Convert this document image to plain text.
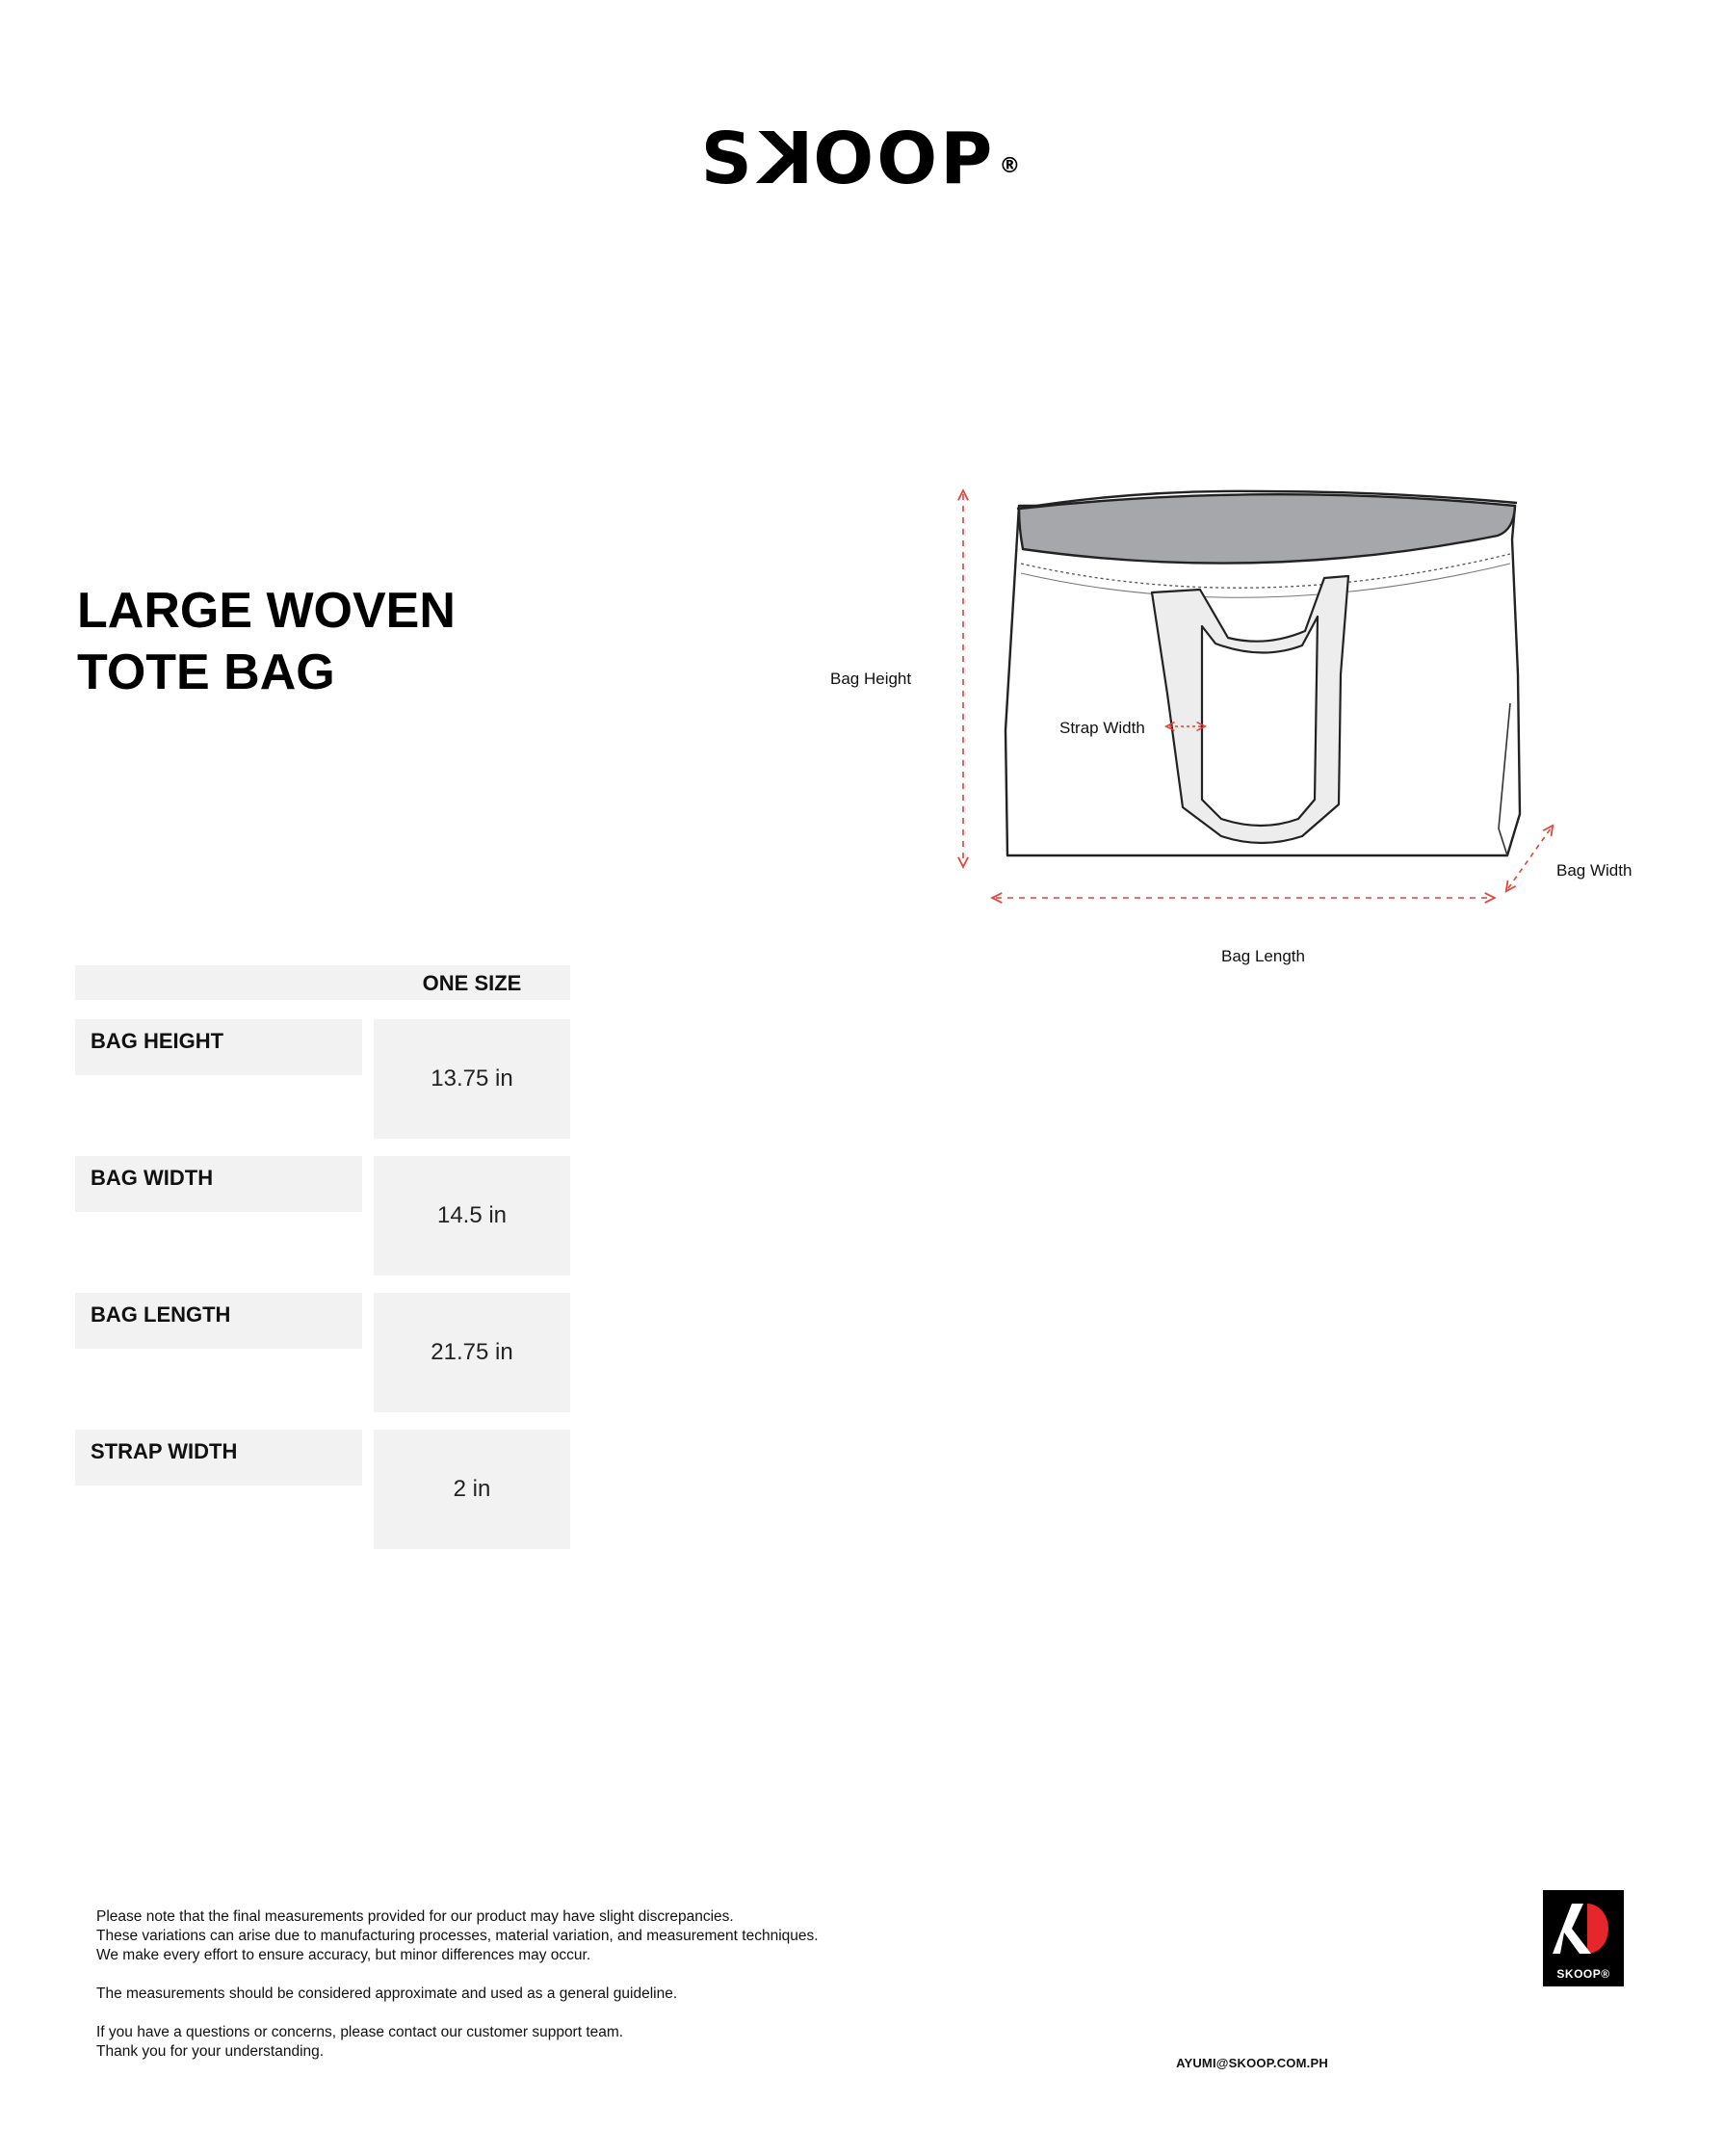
SKOOP ®
LARGE WOVEN
TOTE BAG
ONE SIZE
BAG HEIGHT
13.75 in
BAG WIDTH
14.5 in
BAG LENGTH
21.75 in
STRAP WIDTH
2 in
Bag Height
Strap Width
Bag Width
Bag Length

Please note that the final measurements provided for our product may have slight discrepancies.
These variations can arise due to manufacturing processes, material variation, and measurement techniques.
We make every effort to ensure accuracy, but minor differences may occur.

The measurements should be considered approximate and used as a general guideline.

If you have a questions or concerns, please contact our customer support team.
Thank you for your understanding.

AYUMI@SKOOP.COM.PH
SKOOP®
